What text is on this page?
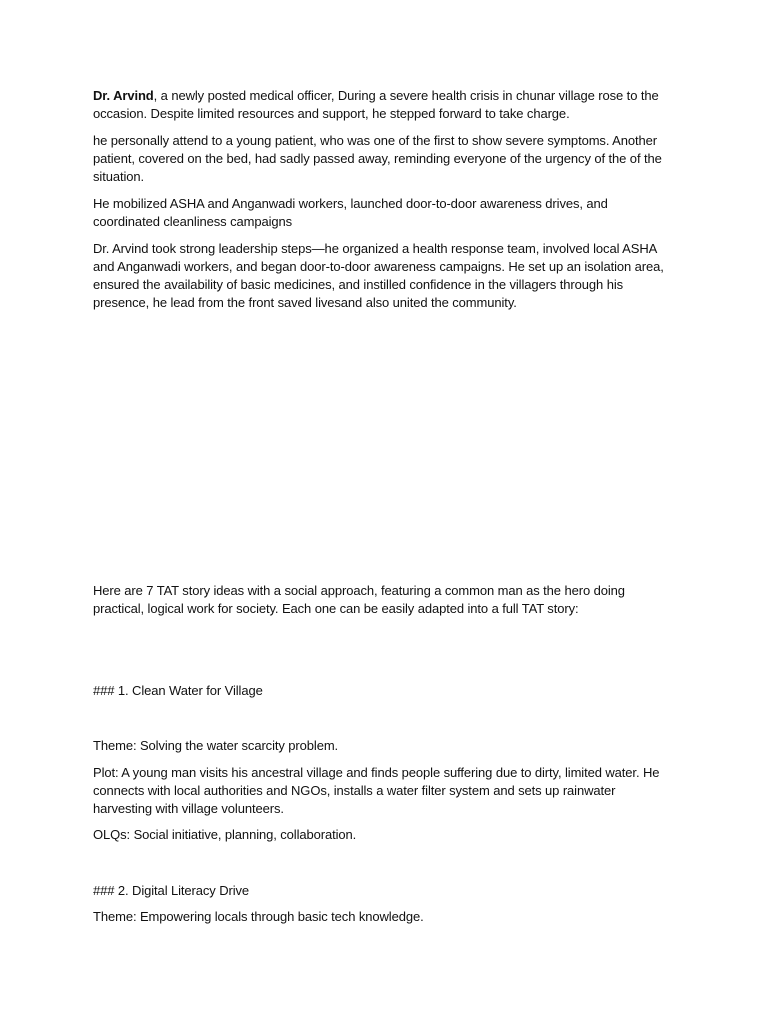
Dr. Arvind, a newly posted medical officer, During a severe health crisis in chunar village rose to the occasion. Despite limited resources and support, he stepped forward to take charge.

he personally attend to a young patient, who was one of the first to show severe symptoms. Another patient, covered on the bed, had sadly passed away, reminding everyone of the urgency of the of the situation.

He mobilized ASHA and Anganwadi workers, launched door-to-door awareness drives, and coordinated cleanliness campaigns

Dr. Arvind took strong leadership steps—he organized a health response team, involved local ASHA and Anganwadi workers, and began door-to-door awareness campaigns. He set up an isolation area, ensured the availability of basic medicines, and instilled confidence in the villagers through his presence, he lead from the front saved livesand also united the community.

Here are 7 TAT story ideas with a social approach, featuring a common man as the hero doing practical, logical work for society. Each one can be easily adapted into a full TAT story:

### 1. Clean Water for Village

Theme: Solving the water scarcity problem.

Plot: A young man visits his ancestral village and finds people suffering due to dirty, limited water. He connects with local authorities and NGOs, installs a water filter system and sets up rainwater harvesting with village volunteers.

OLQs: Social initiative, planning, collaboration.

### 2. Digital Literacy Drive

Theme: Empowering locals through basic tech knowledge.
